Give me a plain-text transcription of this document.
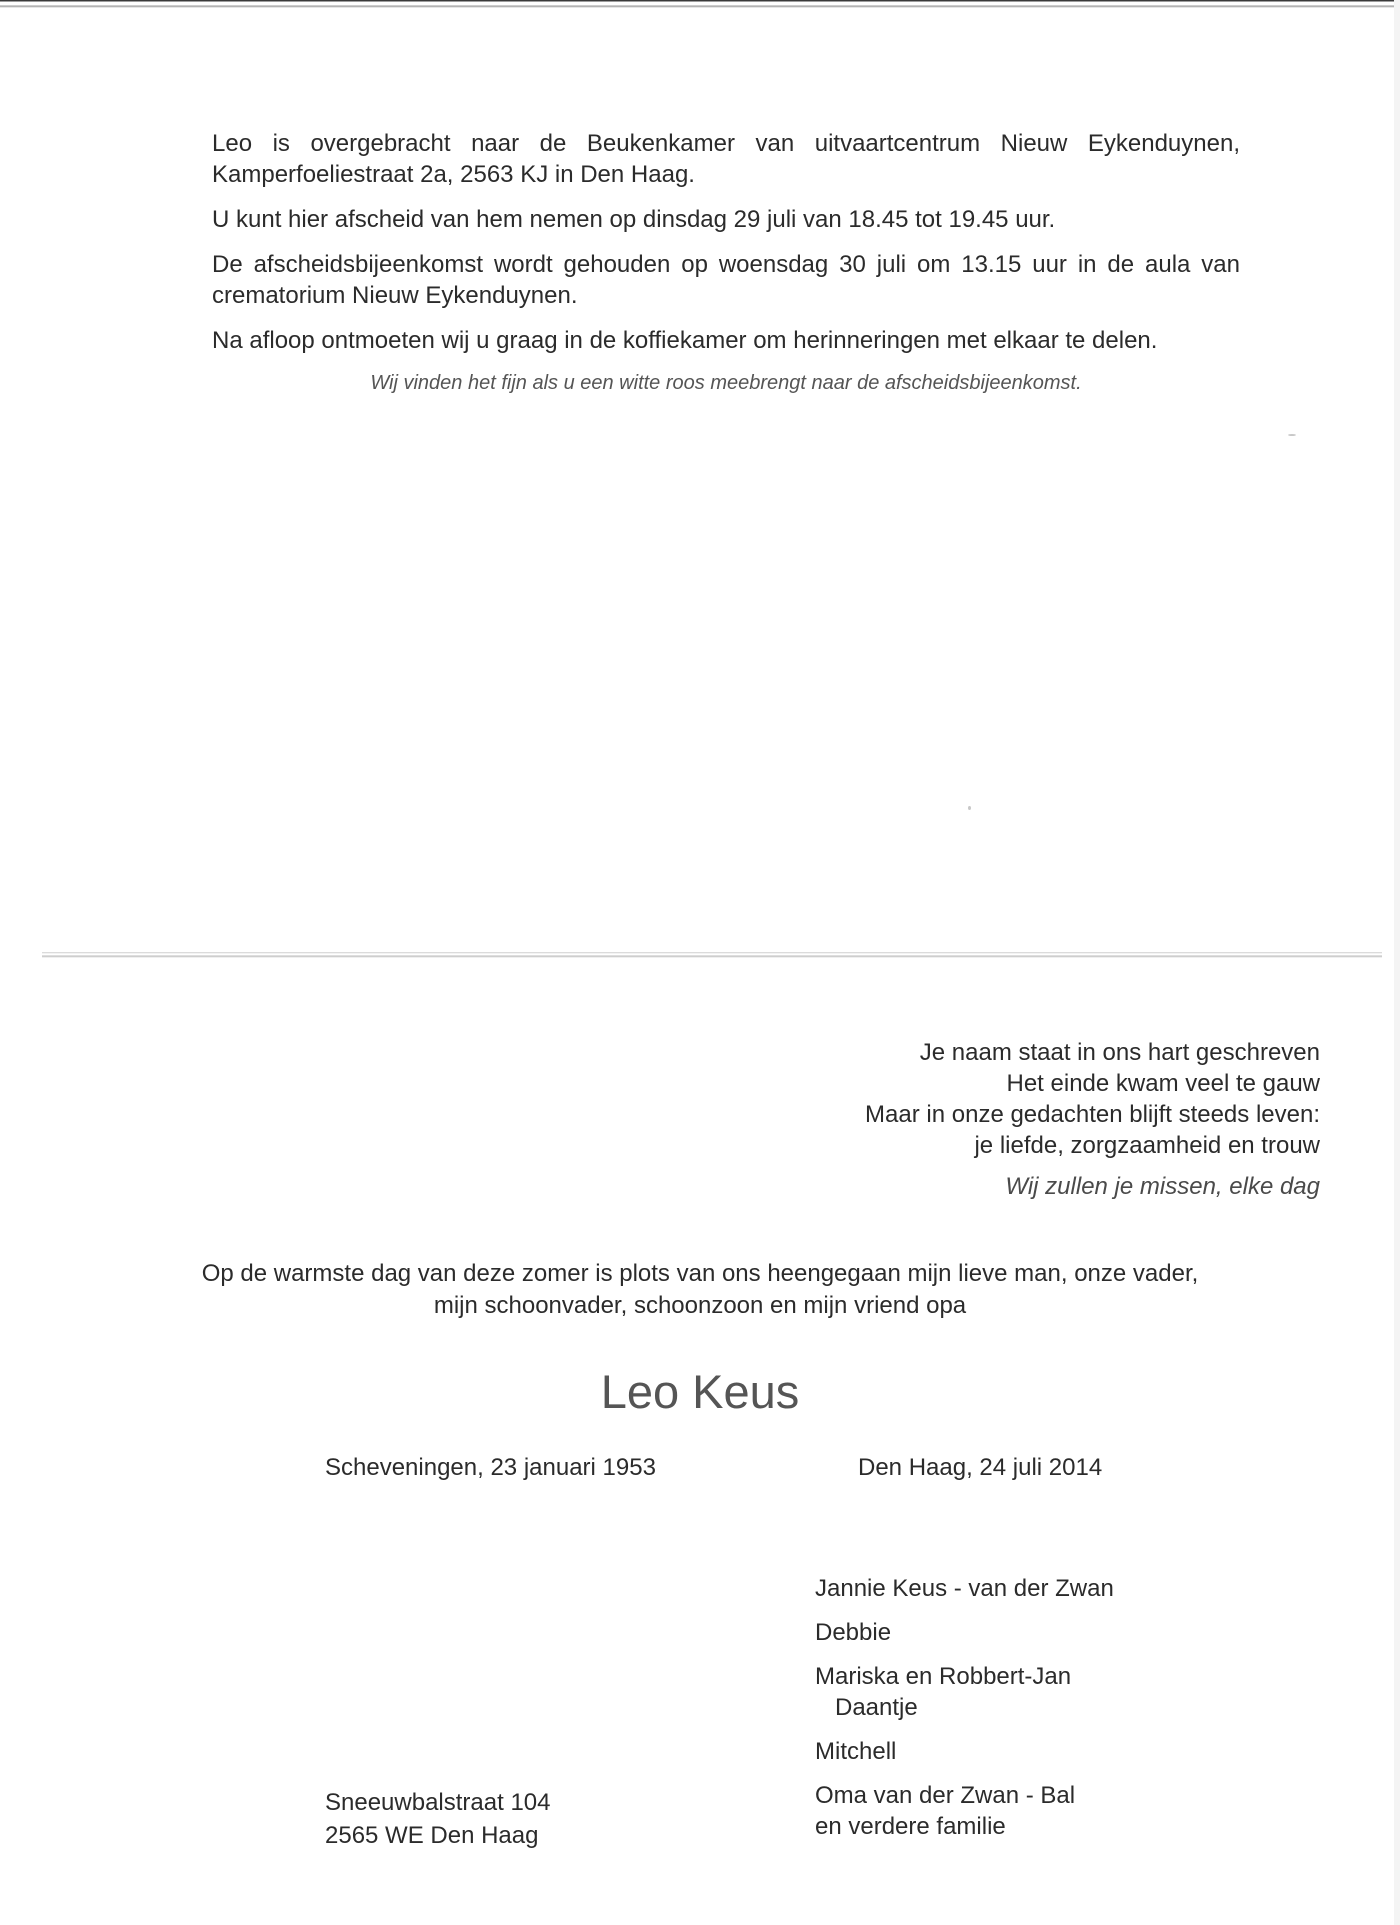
Leo is overgebracht naar de Beukenkamer van uitvaartcentrum Nieuw Eykenduynen, Kamperfoeliestraat 2a, 2563 KJ in Den Haag.

U kunt hier afscheid van hem nemen op dinsdag 29 juli van 18.45 tot 19.45 uur.

De afscheidsbijeenkomst wordt gehouden op woensdag 30 juli om 13.15 uur in de aula van crematorium Nieuw Eykenduynen.

Na afloop ontmoeten wij u graag in de koffiekamer om herinneringen met elkaar te delen.

Wij vinden het fijn als u een witte roos meebrengt naar de afscheidsbijeenkomst.

Je naam staat in ons hart geschreven
Het einde kwam veel te gauw
Maar in onze gedachten blijft steeds leven:
je liefde, zorgzaamheid en trouw
Wij zullen je missen, elke dag
Op de warmste dag van deze zomer is plots van ons heengegaan mijn lieve man, onze vader,
mijn schoonvader, schoonzoon en mijn vriend opa
Leo Keus
Scheveningen, 23 januari 1953	Den Haag, 24 juli 2014
Jannie Keus - van der Zwan
Debbie
Mariska en Robbert-Jan
Daantje
Mitchell
Oma van der Zwan - Bal
en verdere familie
Sneeuwbalstraat 104
2565 WE Den Haag
